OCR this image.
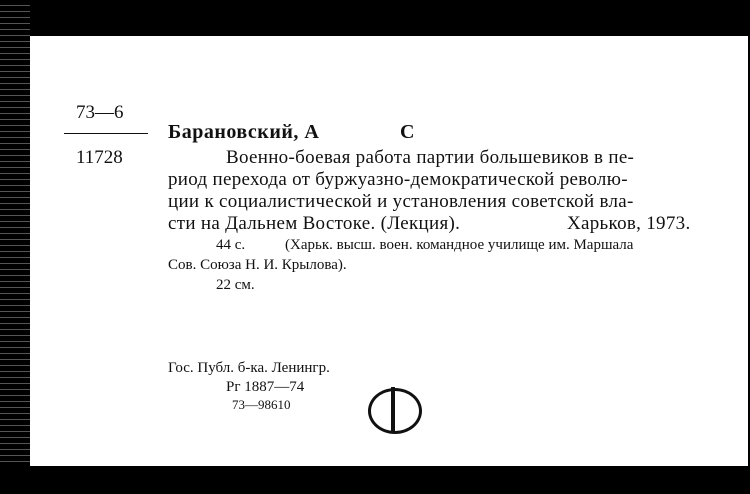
73—6
11728
Барановский, А	С
Военно-боевая работа партии большевиков в пе-
риод перехода от буржуазно-демократической револю-
ции к социалистической и установления советской вла-
сти на Дальнем Востоке. (Лекция).	Харьков, 1973.
44 с.	(Харьк. высш. воен. командное училище им. Маршала
Сов. Союза Н. И. Крылова).
22 см.
Гос. Публ. б-ка. Ленингр.
Рг 1887—74
73—98610
